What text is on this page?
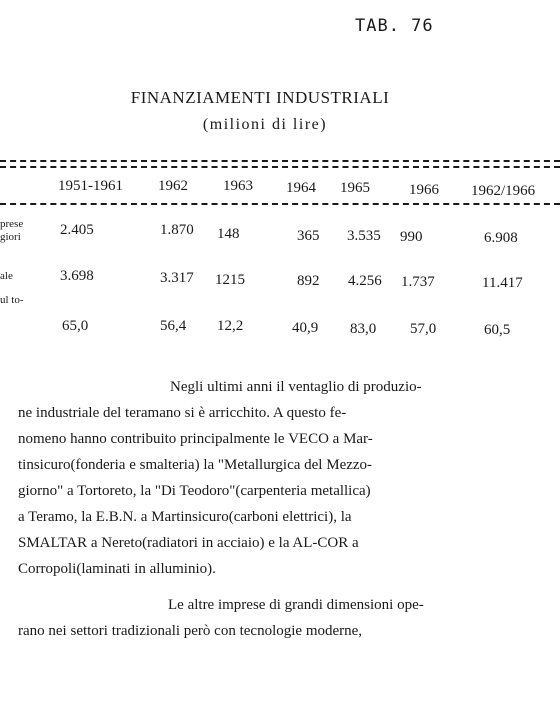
TAB. 76
FINANZIAMENTI INDUSTRIALI
(milioni di lire)
1951-1961 1962 1963 1964 1965	1966 1962/1966
prese
giori	2.405	1.870 148	365 3.535 990	6.908
ale	3.698	3.317 1215	892 4.256 1.737	11.417
ul to-
65,0	56,4 12,2	40,9 83,0 57,0	60,5
Negli ultimi anni il ventaglio di produzio-
ne industriale del teramano si è arricchito. A questo fe-
nomeno hanno contribuito principalmente le VECO a Mar-
tinsicuro(fonderia e smalteria) la "Metallurgica del Mezzo-
giorno" a Tortoreto, la "Di Teodoro"(carpenteria metallica)
a Teramo, la E.B.N. a Martinsicuro(carboni elettrici), la
SMALTAR a Nereto(radiatori in acciaio) e la AL-COR a
Corropoli(laminati in alluminio).
Le altre imprese di grandi dimensioni ope-
rano nei settori tradizionali però con tecnologie moderne,
